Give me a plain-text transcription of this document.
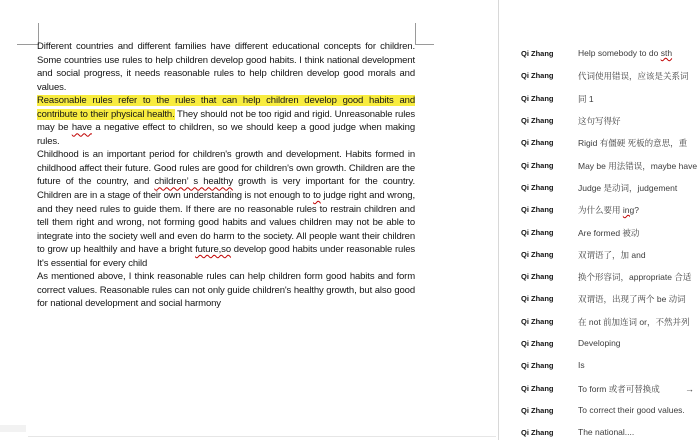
Different countries and different families have different educational concepts for children. Some countries use rules to help children develop good habits. I think national development and social progress, it needs reasonable rules to help children develop good morals and values.

Reasonable rules refer to the rules that can help children develop good habits and contribute to their physical health. They should not be too rigid and rigid. Unreasonable rules may be have a negative effect to children, so we should keep a good judge when making rules.

Childhood is an important period for children's growth and development. Habits formed in childhood affect their future. Good rules are good for children's own growth. Children are the future of the country, and children’ s healthy growth is very important for the country. Children are in a stage of their own understanding is not enough to to judge right and wrong, and they need rules to guide them. If there are no reasonable rules to restrain children and tell them right and wrong, not forming good habits and values children may not be able to integrate into the society well and even do harm to the society. All people want their children to grow up healthily and have a bright future,so develop good habits under reasonable rules It's essential for every child

As mentioned above, I think reasonable rules can help children form good habits and form correct values. Reasonable rules can not only guide children's healthy growth, but also good for national development and social harmony

Qi Zhang	Help somebody to do sth
Qi Zhang	代词使用错误，应该是关系词
Qi Zhang	同 1
Qi Zhang	这句写得好
Qi Zhang	Rigid 有僵硬 死板的意思，重
Qi Zhang	May be 用法错误，maybe have
Qi Zhang	Judge 是动词，judgement
Qi Zhang	为什么要用 ing?
Qi Zhang	Are formed 被动
Qi Zhang	双谓语了，加 and
Qi Zhang	换个形容词，appropriate 合适
Qi Zhang	双谓语，出现了两个 be 动词
Qi Zhang	在 not 前加连词 or，不然并列
Qi Zhang	Developing
Qi Zhang	Is
Qi Zhang	To form 或者可替换成	→
Qi Zhang	To correct their good values.
Qi Zhang	The national....
